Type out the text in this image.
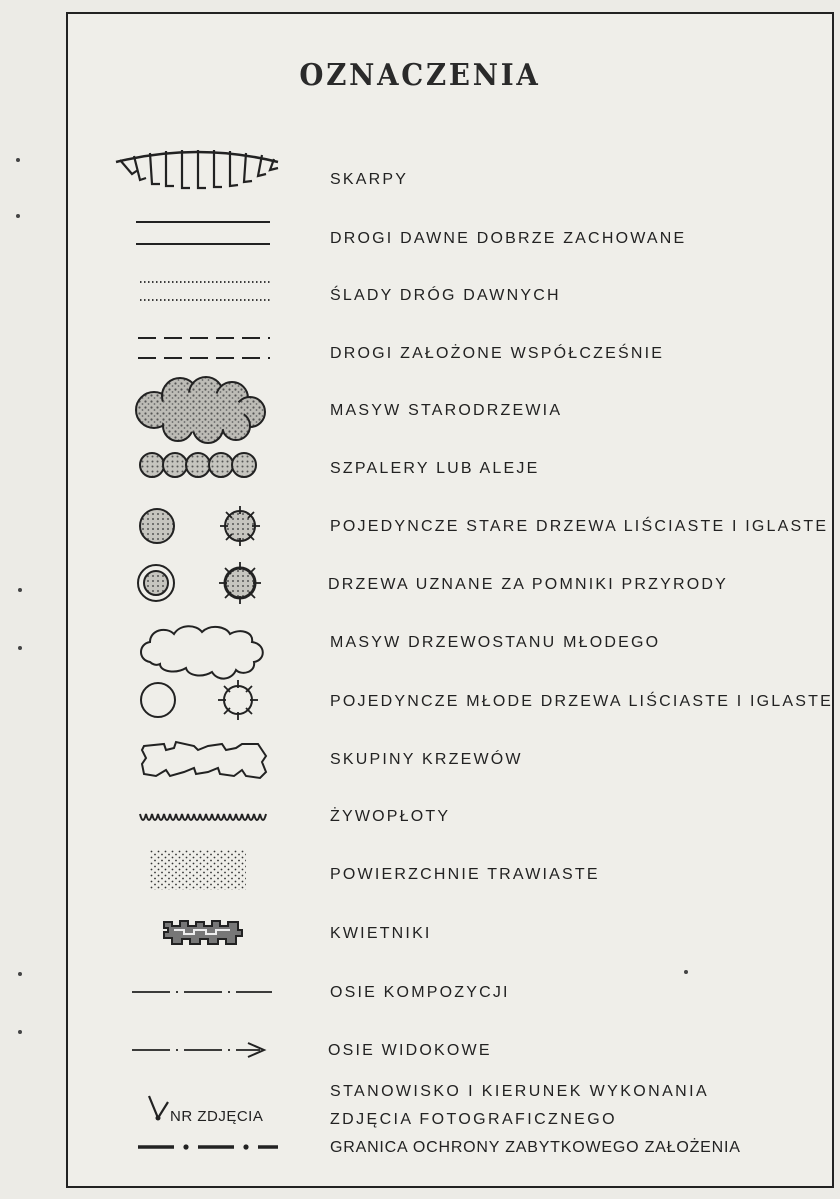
OZNACZENIA
SKARPY
DROGI DAWNE DOBRZE ZACHOWANE
ŚLADY DRÓG DAWNYCH
DROGI ZAŁOŻONE WSPÓŁCZEŚNIE
MASYW STARODRZEWIA
SZPALERY LUB ALEJE
POJEDYNCZE STARE DRZEWA LIŚCIASTE I IGLASTE
DRZEWA UZNANE ZA POMNIKI PRZYRODY
MASYW DRZEWOSTANU MŁODEGO
POJEDYNCZE MŁODE DRZEWA LIŚCIASTE I IGLASTE
SKUPINY KRZEWÓW
ŻYWOPŁOTY
POWIERZCHNIE TRAWIASTE
KWIETNIKI
OSIE KOMPOZYCJI
OSIE WIDOKOWE
STANOWISKO I KIERUNEK WYKONANIA
ZDJĘCIA FOTOGRAFICZNEGO
GRANICA OCHRONY ZABYTKOWEGO ZAŁOŻENIA
NR ZDJĘCIA
